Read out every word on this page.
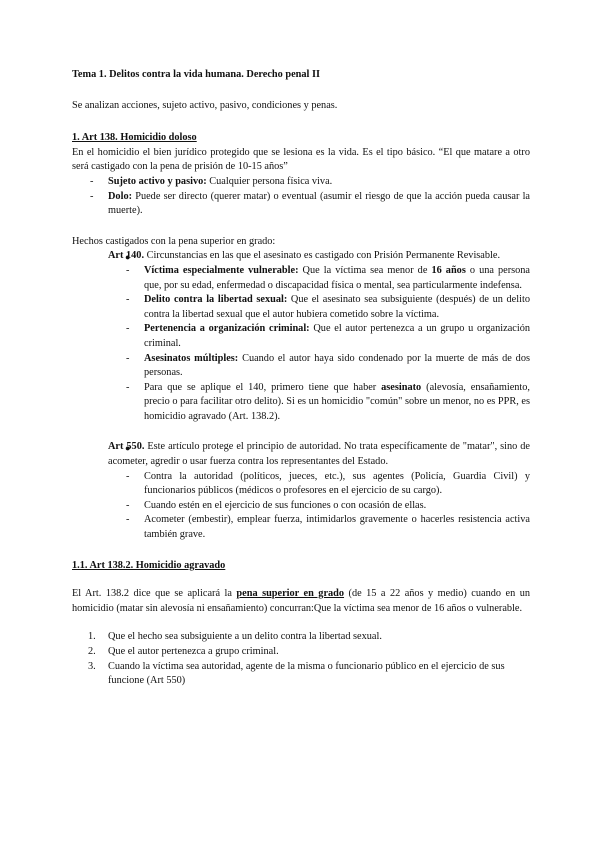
Tema 1. Delitos contra la vida humana. Derecho penal II

Se analizan acciones, sujeto activo, pasivo, condiciones y penas.

1. Art 138. Homicidio doloso

En el homicidio el bien jurídico protegido que se lesiona es la vida. Es el tipo básico. “El que matare a otro será castigado con la pena de prisión de 10-15 años”

- Sujeto activo y pasivo: Cualquier persona física viva.
- Dolo: Puede ser directo (querer matar) o eventual (asumir el riesgo de que la acción pueda causar la muerte).

Hechos castigados con la pena superior en grado:

● Art 140. Circunstancias en las que el asesinato es castigado con Prisión Permanente Revisable.
- Víctima especialmente vulnerable: Que la víctima sea menor de 16 años o una persona que, por su edad, enfermedad o discapacidad física o mental, sea particularmente indefensa.
- Delito contra la libertad sexual: Que el asesinato sea subsiguiente (después) de un delito contra la libertad sexual que el autor hubiera cometido sobre la víctima.
- Pertenencia a organización criminal: Que el autor pertenezca a un grupo u organización criminal.
- Asesinatos múltiples: Cuando el autor haya sido condenado por la muerte de más de dos personas.
- Para que se aplique el 140, primero tiene que haber asesinato (alevosía, ensañamiento, precio o para facilitar otro delito). Si es un homicidio "común" sobre un menor, no es PPR, es homicidio agravado (Art. 138.2).
● Art 550. Este artículo protege el principio de autoridad. No trata específicamente de "matar", sino de acometer, agredir o usar fuerza contra los representantes del Estado.
- Contra la autoridad (políticos, jueces, etc.), sus agentes (Policía, Guardia Civil) y funcionarios públicos (médicos o profesores en el ejercicio de su cargo).
- Cuando estén en el ejercicio de sus funciones o con ocasión de ellas.
- Acometer (embestir), emplear fuerza, intimidarlos gravemente o hacerles resistencia activa también grave.

1.1. Art 138.2. Homicidio agravado

El Art. 138.2 dice que se aplicará la pena superior en grado (de 15 a 22 años y medio) cuando en un homicidio (matar sin alevosía ni ensañamiento) concurran:Que la víctima sea menor de 16 años o vulnerable.

1. Que el hecho sea subsiguiente a un delito contra la libertad sexual.
2. Que el autor pertenezca a grupo criminal.
3. Cuando la víctima sea autoridad, agente de la misma o funcionario público en el ejercicio de sus funcione (Art 550)
